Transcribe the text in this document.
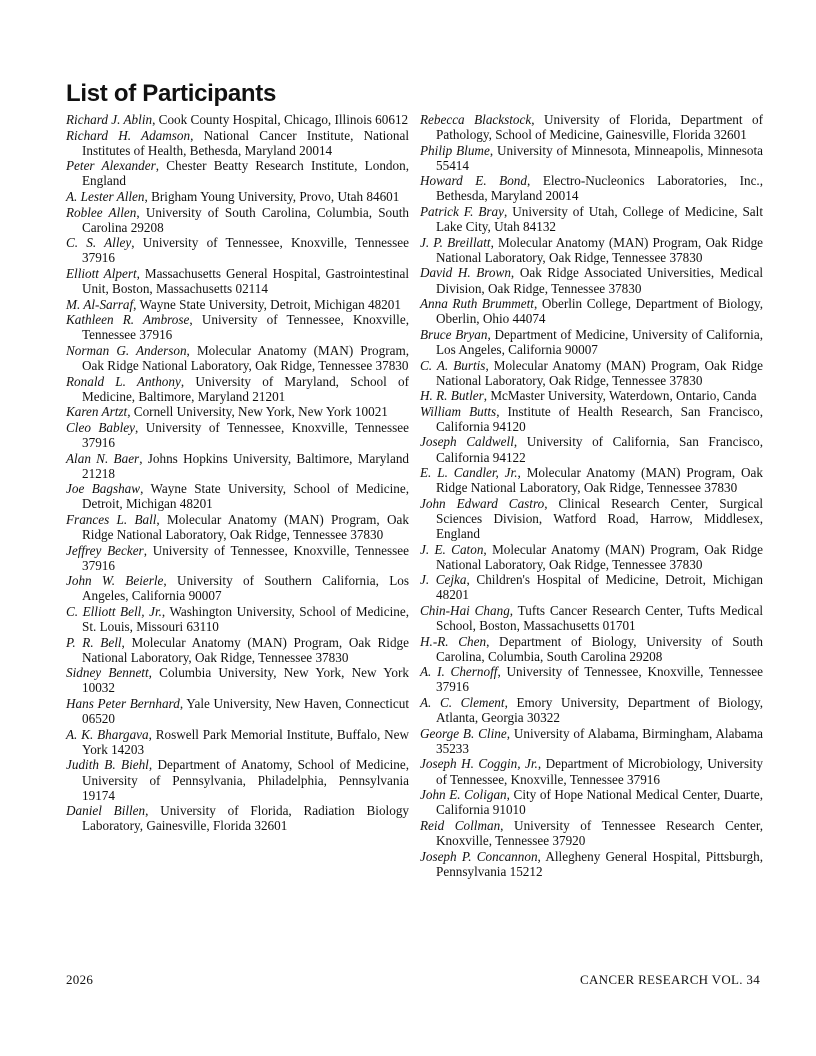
List of Participants

Richard J. Ablin, Cook County Hospital, Chicago, Illinois 60612

Richard H. Adamson, National Cancer Institute, National Institutes of Health, Bethesda, Maryland 20014

Peter Alexander, Chester Beatty Research Institute, London, England

A. Lester Allen, Brigham Young University, Provo, Utah 84601

Roblee Allen, University of South Carolina, Columbia, South Carolina 29208

C. S. Alley, University of Tennessee, Knoxville, Tennessee 37916

Elliott Alpert, Massachusetts General Hospital, Gastrointestinal Unit, Boston, Massachusetts 02114

M. Al-Sarraf, Wayne State University, Detroit, Michigan 48201

Kathleen R. Ambrose, University of Tennessee, Knoxville, Tennessee 37916

Norman G. Anderson, Molecular Anatomy (MAN) Program, Oak Ridge National Laboratory, Oak Ridge, Tennessee 37830

Ronald L. Anthony, University of Maryland, School of Medicine, Baltimore, Maryland 21201

Karen Artzt, Cornell University, New York, New York 10021

Cleo Babley, University of Tennessee, Knoxville, Tennessee 37916

Alan N. Baer, Johns Hopkins University, Baltimore, Maryland 21218

Joe Bagshaw, Wayne State University, School of Medicine, Detroit, Michigan 48201

Frances L. Ball, Molecular Anatomy (MAN) Program, Oak Ridge National Laboratory, Oak Ridge, Tennessee 37830

Jeffrey Becker, University of Tennessee, Knoxville, Tennessee 37916

John W. Beierle, University of Southern California, Los Angeles, California 90007

C. Elliott Bell, Jr., Washington University, School of Medicine, St. Louis, Missouri 63110

P. R. Bell, Molecular Anatomy (MAN) Program, Oak Ridge National Laboratory, Oak Ridge, Tennessee 37830

Sidney Bennett, Columbia University, New York, New York 10032

Hans Peter Bernhard, Yale University, New Haven, Connecticut 06520

A. K. Bhargava, Roswell Park Memorial Institute, Buffalo, New York 14203

Judith B. Biehl, Department of Anatomy, School of Medicine, University of Pennsylvania, Philadelphia, Pennsylvania 19174

Daniel Billen, University of Florida, Radiation Biology Laboratory, Gainesville, Florida 32601

Rebecca Blackstock, University of Florida, Department of Pathology, School of Medicine, Gainesville, Florida 32601

Philip Blume, University of Minnesota, Minneapolis, Minnesota 55414

Howard E. Bond, Electro-Nucleonics Laboratories, Inc., Bethesda, Maryland 20014

Patrick F. Bray, University of Utah, College of Medicine, Salt Lake City, Utah 84132

J. P. Breillatt, Molecular Anatomy (MAN) Program, Oak Ridge National Laboratory, Oak Ridge, Tennessee 37830

David H. Brown, Oak Ridge Associated Universities, Medical Division, Oak Ridge, Tennessee 37830

Anna Ruth Brummett, Oberlin College, Department of Biology, Oberlin, Ohio 44074

Bruce Bryan, Department of Medicine, University of California, Los Angeles, California 90007

C. A. Burtis, Molecular Anatomy (MAN) Program, Oak Ridge National Laboratory, Oak Ridge, Tennessee 37830

H. R. Butler, McMaster University, Waterdown, Ontario, Canda

William Butts, Institute of Health Research, San Francisco, California 94120

Joseph Caldwell, University of California, San Francisco, California 94122

E. L. Candler, Jr., Molecular Anatomy (MAN) Program, Oak Ridge National Laboratory, Oak Ridge, Tennessee 37830

John Edward Castro, Clinical Research Center, Surgical Sciences Division, Watford Road, Harrow, Middlesex, England

J. E. Caton, Molecular Anatomy (MAN) Program, Oak Ridge National Laboratory, Oak Ridge, Tennessee 37830

J. Cejka, Children's Hospital of Medicine, Detroit, Michigan 48201

Chin-Hai Chang, Tufts Cancer Research Center, Tufts Medical School, Boston, Massachusetts 01701

H.-R. Chen, Department of Biology, University of South Carolina, Columbia, South Carolina 29208

A. I. Chernoff, University of Tennessee, Knoxville, Tennessee 37916

A. C. Clement, Emory University, Department of Biology, Atlanta, Georgia 30322

George B. Cline, University of Alabama, Birmingham, Alabama 35233

Joseph H. Coggin, Jr., Department of Microbiology, University of Tennessee, Knoxville, Tennessee 37916

John E. Coligan, City of Hope National Medical Center, Duarte, California 91010

Reid Collman, University of Tennessee Research Center, Knoxville, Tennessee 37920

Joseph P. Concannon, Allegheny General Hospital, Pittsburgh, Pennsylvania 15212

2026	CANCER RESEARCH VOL. 34
